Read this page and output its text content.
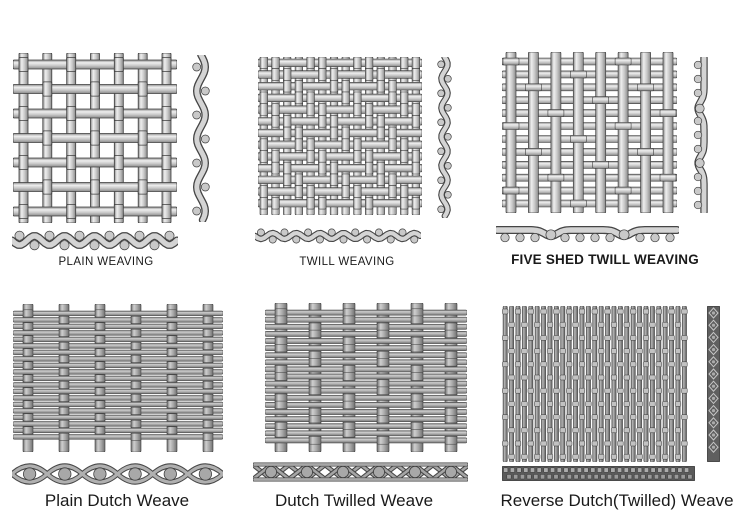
PLAIN WEAVING	TWILL WEAVING	FIVE SHED TWILL WEAVING
Plain Dutch Weave	Dutch Twilled Weave	Reverse Dutch(Twilled) Weave
